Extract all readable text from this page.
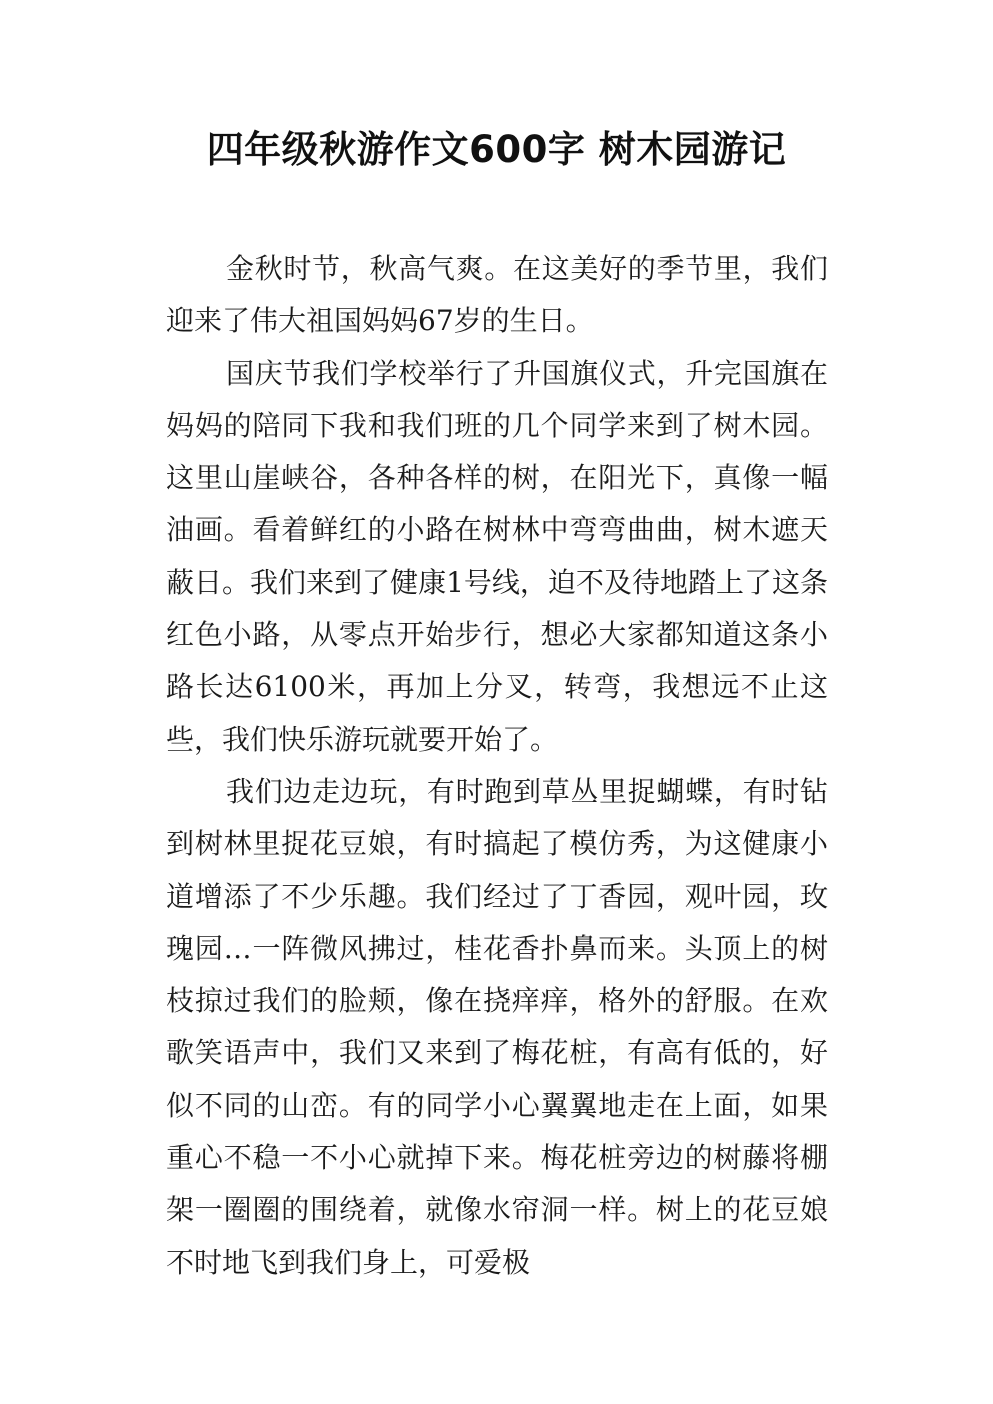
四年级秋游作文600字 树木园游记

金秋时节，秋高气爽。在这美好的季节里，我们迎来了伟大祖国妈妈67岁的生日。

国庆节我们学校举行了升国旗仪式，升完国旗在妈妈的陪同下我和我们班的几个同学来到了树木园。这里山崖峡谷，各种各样的树，在阳光下，真像一幅油画。看着鲜红的小路在树林中弯弯曲曲，树木遮天蔽日。我们来到了健康1号线，迫不及待地踏上了这条红色小路，从零点开始步行，想必大家都知道这条小路长达6100米，再加上分叉，转弯，我想远不止这些，我们快乐游玩就要开始了。

我们边走边玩，有时跑到草丛里捉蝴蝶，有时钻到树林里捉花豆娘，有时搞起了模仿秀，为这健康小道增添了不少乐趣。我们经过了丁香园，观叶园，玫瑰园…一阵微风拂过，桂花香扑鼻而来。头顶上的树枝掠过我们的脸颊，像在挠痒痒，格外的舒服。在欢歌笑语声中，我们又来到了梅花桩，有高有低的，好似不同的山峦。有的同学小心翼翼地走在上面，如果重心不稳一不小心就掉下来。梅花桩旁边的树藤将棚架一圈圈的围绕着，就像水帘洞一样。树上的花豆娘不时地飞到我们身上，可爱极
